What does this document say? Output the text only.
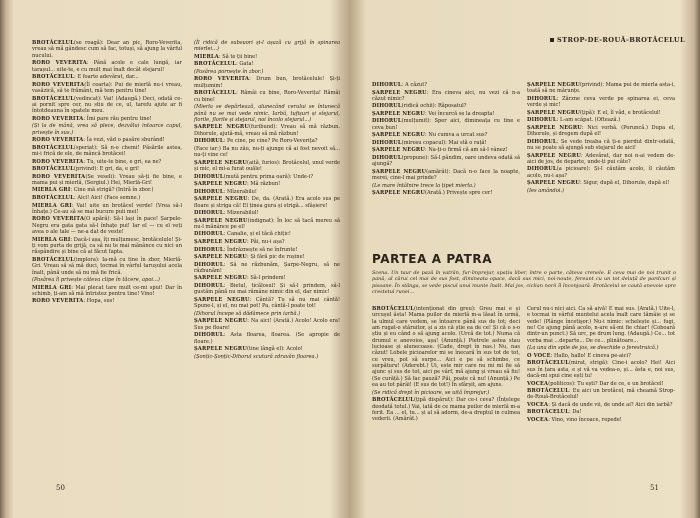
BROTĂCELUL(se roagă): Dear an pic, Roro-Veverita, vreau să mă gândesc cum să fac, totuși, să ajung la vârful nucului.

RORO VEVERITA: Până acole e cale lungă, iar tarașul... uite-te, e cu mult mai înalt decât stejarul!

BROTĂCELUL: E foarte adevărat, dar...

RORO VEVERITA(Îl cearta): Pui de mierlă nu-i vreau, vasăzică, să te frământ, mă tem pentru tine!

BROTĂCELUL(vedincat): Vai! (Adaugă.) Deci, odată ce-ai pornit spre cer, nu stiu de ce, ul, tarefu ajute ar fi întotdeauna în spatele meu.

RORO VEVERITA: Îmi pare rău pentru tine!

(Și la de mână, vrea să plece, dezvălui intoarce capul, privește în sus.)

RORO VEVERITA: Îa vezi, văd o pasăre sburând!

BROTĂCELUL(speriat): Să n-o chemi! Păsările astea, mi-i frică de ele, de mâncă brotăcei!

RORO VEVERITA: Tu, uite-te bine, e gri, ea ne?

BROTĂCELUL(privind): E gri, da, e gri!

RORO VEVERITA(Se veseli): Vreau să-ți fie bine, e mama pui și mierlă, (Sergiul.) Hei, Mierlă-Gri!

MIERLA GRI: Cine mă strigă? (Intră în zbor.)

BROTĂCELUL: Aici! Aici! (Face semne.)

MIERLA GRI: Vai! uite un brotăcel verde! (Vrea să-l înhațe.) Ce-au să se mai bucure puii mei!

RORO VEVERITA(O apără): Să-l lași în pace! Șarpele-Negru era gata gata să-l înhațe pui! Iar el — cu el veți avea o ale tale — ne-a dat de veste!

MIERLA GRI: Dacă-i așa, îți mulțumesc, brotăcelule! Și-ți vom purta de grijă, ca să nu te mai mănânce cu nici un răspândire și bine că ai făcut fapta.

BROTĂCELUL(implora): Ia-mă cu tine în zbor, Mierlă-Gri. Vreau să să mă duci, tocmai în vârful tarușului acela înalt, până unde să nu mă fie frică.

(Pasărea îl privește câteva clipe în tăcere, apoi...)

MIERLA GRI: Mai plecat tare mult ce-mi spui! Dar în schimb, ți-am să mă întristez pentru tine! Vino!

RORO VEVERITA: Hopa, sus!

(Îl ridică de subsuori și-l așază cu grijă în spinarea mierlei...)

MIERLA: Să te ții bine!

BROTĂCELUL: Gata!

(Pasărea pornește în zbor.)

RORO VEVERITA: Drum bun, brotăcelule! Și-ți mulțumim!

BROTĂCELUL: Rămâi cu bine, Roro-Veverița! Rămâi cu bine!

(Mierla se depărtează, alunecând cerului se întunecă până nu se mai vede nimic. Iarbă, tufișuri și stejarul, florile, florile și stejarul, noi încolo stejarul...)

ȘARPELE NEGRU(furibund): Vreau să mă răzbun. Dihorule, ajută-mă, vreau să mă răzbun!

DIHORUL: Pe cine, pe cine? Pe Roro-Veverița?

(Face iar:) Ba nu zău, nu-ți ajunge că ai fost nevoit să... nu-ți vine ce!

ȘARPELE NEGRU(aită, furios): Brotăcelul, unul verde și mic, el mi-a furat ouăle!

DIHORUL(mută pentru prima oară): Unde-i?

ȘARPELE NEGRU: Mă răzbun!

DIHORUL: Mîzerabilu!

ȘARPELE NEGRU: De, da. (Arată.) Era acolo sus pe floare și striga că! El ținea gura și strigă... sfâșiere!

DIHORUL: Mizerabilul!

ȘARPELE NEGRU(indignat): În loc să tacă mereu să nu-l mănânce pe el!

DIHORUL: Canalie, și el tăcă chițic!

ȘARPELE NEGRU: Păi, nu-i așa?

DIHORUL: Îndrăznește să ne înfrunte!

ȘARPELE NEGRU: Și fără pic de rușine!

DIHORUL: Să ne răzbunăm, Șarpe-Negru, să ne răzbunăm!

ȘARPELE NEGRU: Să-l prindem!

DIHORUL: Bietul, ticălosul! Și să-l prindem, să-l gustăm până nu mai rămâne nimic din el, dar nimic!

ȘARPELE NEGRU: Cântă? Tu să nu mai cântă! Spune-l, și el, nu mai pot! Pa, cântă-l poate tot!

(Dihorul începe să dădămece prin iarbă.)

ȘARPELE NEGRU: Na aici! (Arată.) Acolo! Acolo era! Sus pe floare!

DIHORUL: Asta floarea, floarea. (Se apropie de floare.)

ȘARPELE NEGRU(tine lângă el): Acolo!

(Șonțic-Șonțic-Dihorul scutură zdravăn floarea.)

50
STROP-DE-ROUĂ-BROTĂCELUL

DIHORUL: A căzut?

ȘARPELE NEGRU: Era cineva aici, nu vezi că n-a căzut nimic?

DIHORUL(ridică ochii): Răposatul?

ȘARPELE NEGRU: Vei încurcă se la dreapta!

DIHORUL(mulțumit): Sper aici, dimineața cu tine e ceva bun!

ȘARPELE NEGRU: Nu cumva a urcat sus?

DIHORUL(mirosu copacul): Mai stă o rață!

ȘARPELE NEGRU: Na-ți-o firmă că am să-l vânez!

DIHORUL(propune): Să-l pândim, oare undeva odată să ajungă?

ȘARPELE NEGRU(amărât): Dacă n-o face la noapte, merei, cine-l mai prinde?

(Le mare întâlnire trece la țipet mierla.)

ȘARPELE NEGRU(Arată.) Privește spre cer!

ȘARPELE NEGRU(privind): Mama pui de mierla asta-i, toată să ne mărunțe.

DIHORUL: Zărzne ceva verde pe spinarea ei, ceva verde și mic!

ȘARPELE NEGRU(țipă): E el, îl văd, e brotăcelul!

DIHORUL: L-am scăpat. (Oftează.)

ȘARPELE NEGRU: Nici vorbă. (Poruncă.) Dupa el, Dihorule, și dregem după el!

DIHORUL: Se vede treaba că ți-e pierdut dintr-odată, nu se poate să ajungă sub stejarul de aici!

ȘARPELE NEGRU: Adevărat, dar noi n-ai vedem de-aici de jos, de departe, unde-ți pui câte?

DIHORUL(a picioare): Și-l căutăm acolo, îl căutăm acolo, nu-i așa?

ȘARPELE NEGRU: Sigur, după el, Dihorule, după el!

(Ies amândoi.)

PARTEA A PATRA
Scena. Un taur de pază în vatrăn, fur-împrejur, spațiu liber, între o parte, câteva crenele. E ceva mai de noi trunit o pană, al cărui cel mai de sus fost, dimineata opace, dacă sus mici, noi-noute, fereunt cu un tot deluță de pardcuri și pisoane. În stânga, se vede piscul unui munte înalt. Mai jos, ciclian norii îl înconjoară. Brotăcelul se caută anevoie spre crestetul runei...

BROTĂCELUL(intenționat din greu): Greu mai e și urcușul ăsta! Mama puilor de mierlă m-a lăsat în urmă, la ulmul care vedem, se întoarce până sus de tot; deci am rugat-o stăruitor, și a zis că știe ea de ce! Și că o s-o știu și eu când o să ajung acolo. (Urcă de tot.) Numa că drumul e anevoios, așa! (Anunță.) Pietrele astea stau lucioase și alunecoase. (Cade, drept în nas.) Nu, nas căzut! Lobele picioarelor mi se înecară în sus tot de tot, ce vreu, pot să surpe... Aici e pe să schimbe, ce surpăturu! (Aderebt.) Ui, este mir care nu mi mi fie să ajunc și sus de tot, aici pe vârf, mă ajung și vreau să fiu! (Se curăță.) Să fac pauză? Păi, poate că nu! (Anunță.) Pe ea au tot pârâi! (E sus de tot!) În sfârșit, am ajuns.

(Se ridică drept în picioare, se uită împrejur.)

BROTĂCELUL(țipă dispărut): Dar ce-i ceva? (Înțelege deodată totul.) Vai, iată de ce mama puilor de mierlă m-a ferit. Ea ... el, tu... și al să adorm, de-a dreptul in culmea vederii. (Amărât.)

Cerul nu-i nici aici. Ca să aivă! E mai sus. (Arată.) Uite-l, e tocmai in vârful muntelui acela înalt care tămâie și se vede! (Plânge încetişor.) Nu-i nimic: schelește și... fugi, ne! Ce ajung până acolo, n-are să-mi fie chiar! (Coboară dintr-un punct.) Să urc, pe drum lung. (Adaugă.) Ce... tot vorba mai ...departe... De ce... plinătoare...

(La una din spile de jos, se deschide o ferestruică.)

O VOCE: Hallo, hallo! E cineva pe-aici?

BROTĂCELUL(mirat, strigă): Cine-i acolo? Hei! Aici sus în țara asta, e și vă va vedea-o, și... ăsta e, noi sus, dacă-mi spui cine ești tu!

VOCEA(politicos): Tu ești? Dar de ce, e un brotăcel!

BROTĂCELUL: Eu aici un brotăcel, mă cheamă Strop-de-Rouă-Brotăcelul!

VOCEA: Și dacă de unde vii, de unde ai? Aici din iarbă?

BROTĂCELUL: Da!

VOCEA: Vino, vino încoace, repede!

51
